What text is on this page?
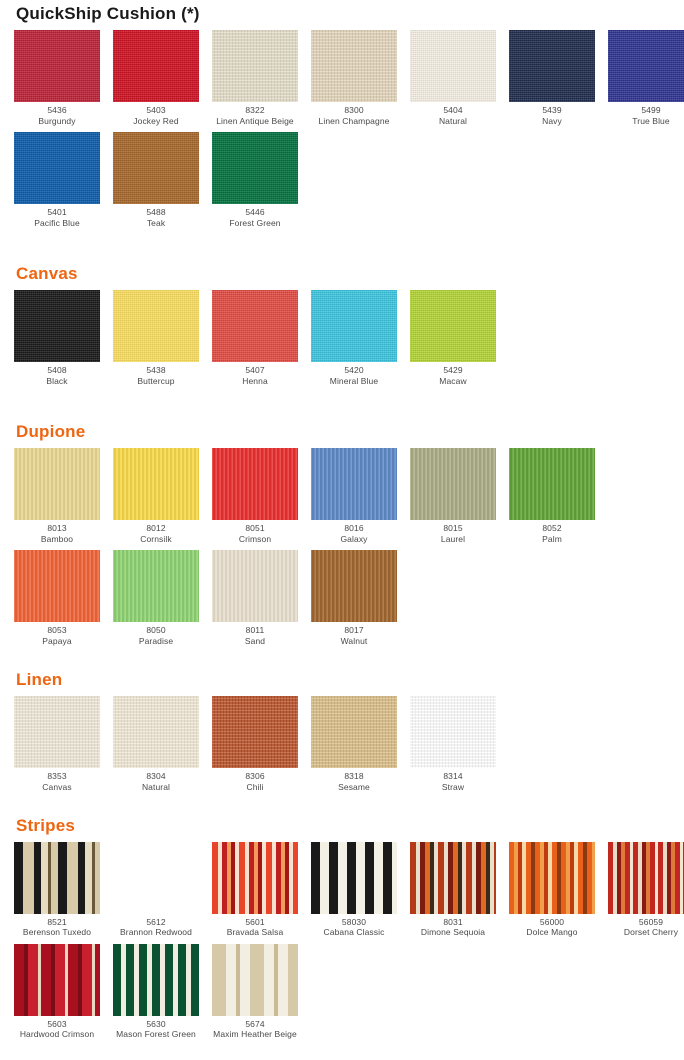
QuickShip Cushion (*)
5436
Burgundy
5403
Jockey Red
8322
Linen Antique Beige
8300
Linen Champagne
5404
Natural
5439
Navy
5499
True Blue
5401
Pacific Blue
5488
Teak
5446
Forest Green
Canvas
5408
Black
5438
Buttercup
5407
Henna
5420
Mineral Blue
5429
Macaw
Dupione
8013
Bamboo
8012
Cornsilk
8051
Crimson
8016
Galaxy
8015
Laurel
8052
Palm
8053
Papaya
8050
Paradise
8011
Sand
8017
Walnut
Linen
8353
Canvas
8304
Natural
8306
Chili
8318
Sesame
8314
Straw
Stripes
8521
Berenson Tuxedo
5612
Brannon Redwood
5601
Bravada Salsa
58030
Cabana Classic
8031
Dimone Sequoia
56000
Dolce Mango
56059
Dorset Cherry
5603
Hardwood Crimson
5630
Mason Forest Green
5674
Maxim Heather Beige
